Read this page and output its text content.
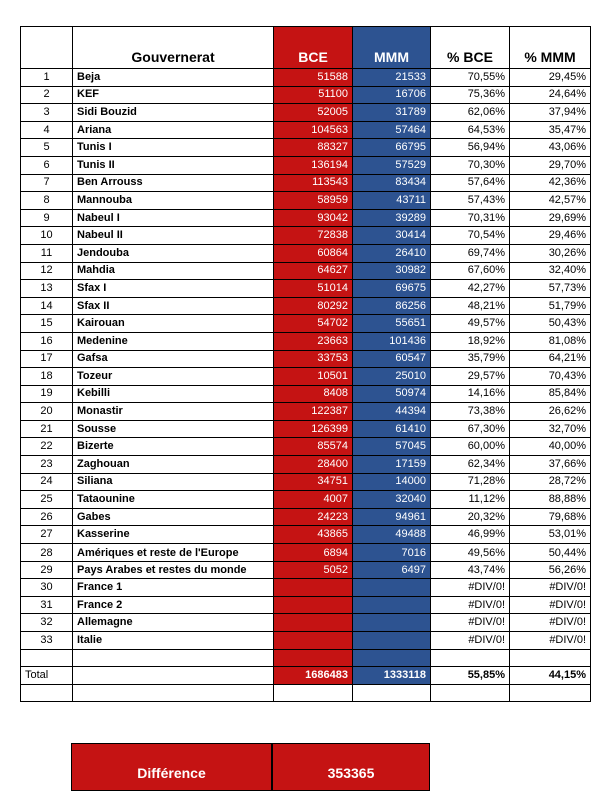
	Gouvernerat	BCE	MMM	% BCE	% MMM
1	Beja	51588	21533	70,55%	29,45%
2	KEF	51100	16706	75,36%	24,64%
3	Sidi Bouzid	52005	31789	62,06%	37,94%
4	Ariana	104563	57464	64,53%	35,47%
5	Tunis I	88327	66795	56,94%	43,06%
6	Tunis II	136194	57529	70,30%	29,70%
7	Ben Arrouss	113543	83434	57,64%	42,36%
8	Mannouba	58959	43711	57,43%	42,57%
9	Nabeul I	93042	39289	70,31%	29,69%
10	Nabeul II	72838	30414	70,54%	29,46%
11	Jendouba	60864	26410	69,74%	30,26%
12	Mahdia	64627	30982	67,60%	32,40%
13	Sfax I	51014	69675	42,27%	57,73%
14	Sfax II	80292	86256	48,21%	51,79%
15	Kairouan	54702	55651	49,57%	50,43%
16	Medenine	23663	101436	18,92%	81,08%
17	Gafsa	33753	60547	35,79%	64,21%
18	Tozeur	10501	25010	29,57%	70,43%
19	Kebilli	8408	50974	14,16%	85,84%
20	Monastir	122387	44394	73,38%	26,62%
21	Sousse	126399	61410	67,30%	32,70%
22	Bizerte	85574	57045	60,00%	40,00%
23	Zaghouan	28400	17159	62,34%	37,66%
24	Siliana	34751	14000	71,28%	28,72%
25	Tataounine	4007	32040	11,12%	88,88%
26	Gabes	24223	94961	20,32%	79,68%
27	Kasserine	43865	49488	46,99%	53,01%
28	Amériques et reste de l'Europe	6894	7016	49,56%	50,44%
29	Pays Arabes et restes du monde	5052	6497	43,74%	56,26%
30	France 1			#DIV/0!	#DIV/0!
31	France 2			#DIV/0!	#DIV/0!
32	Allemagne			#DIV/0!	#DIV/0!
33	Italie			#DIV/0!	#DIV/0!

Total		1686483	1333118	55,85%	44,15%

Différence	353365
